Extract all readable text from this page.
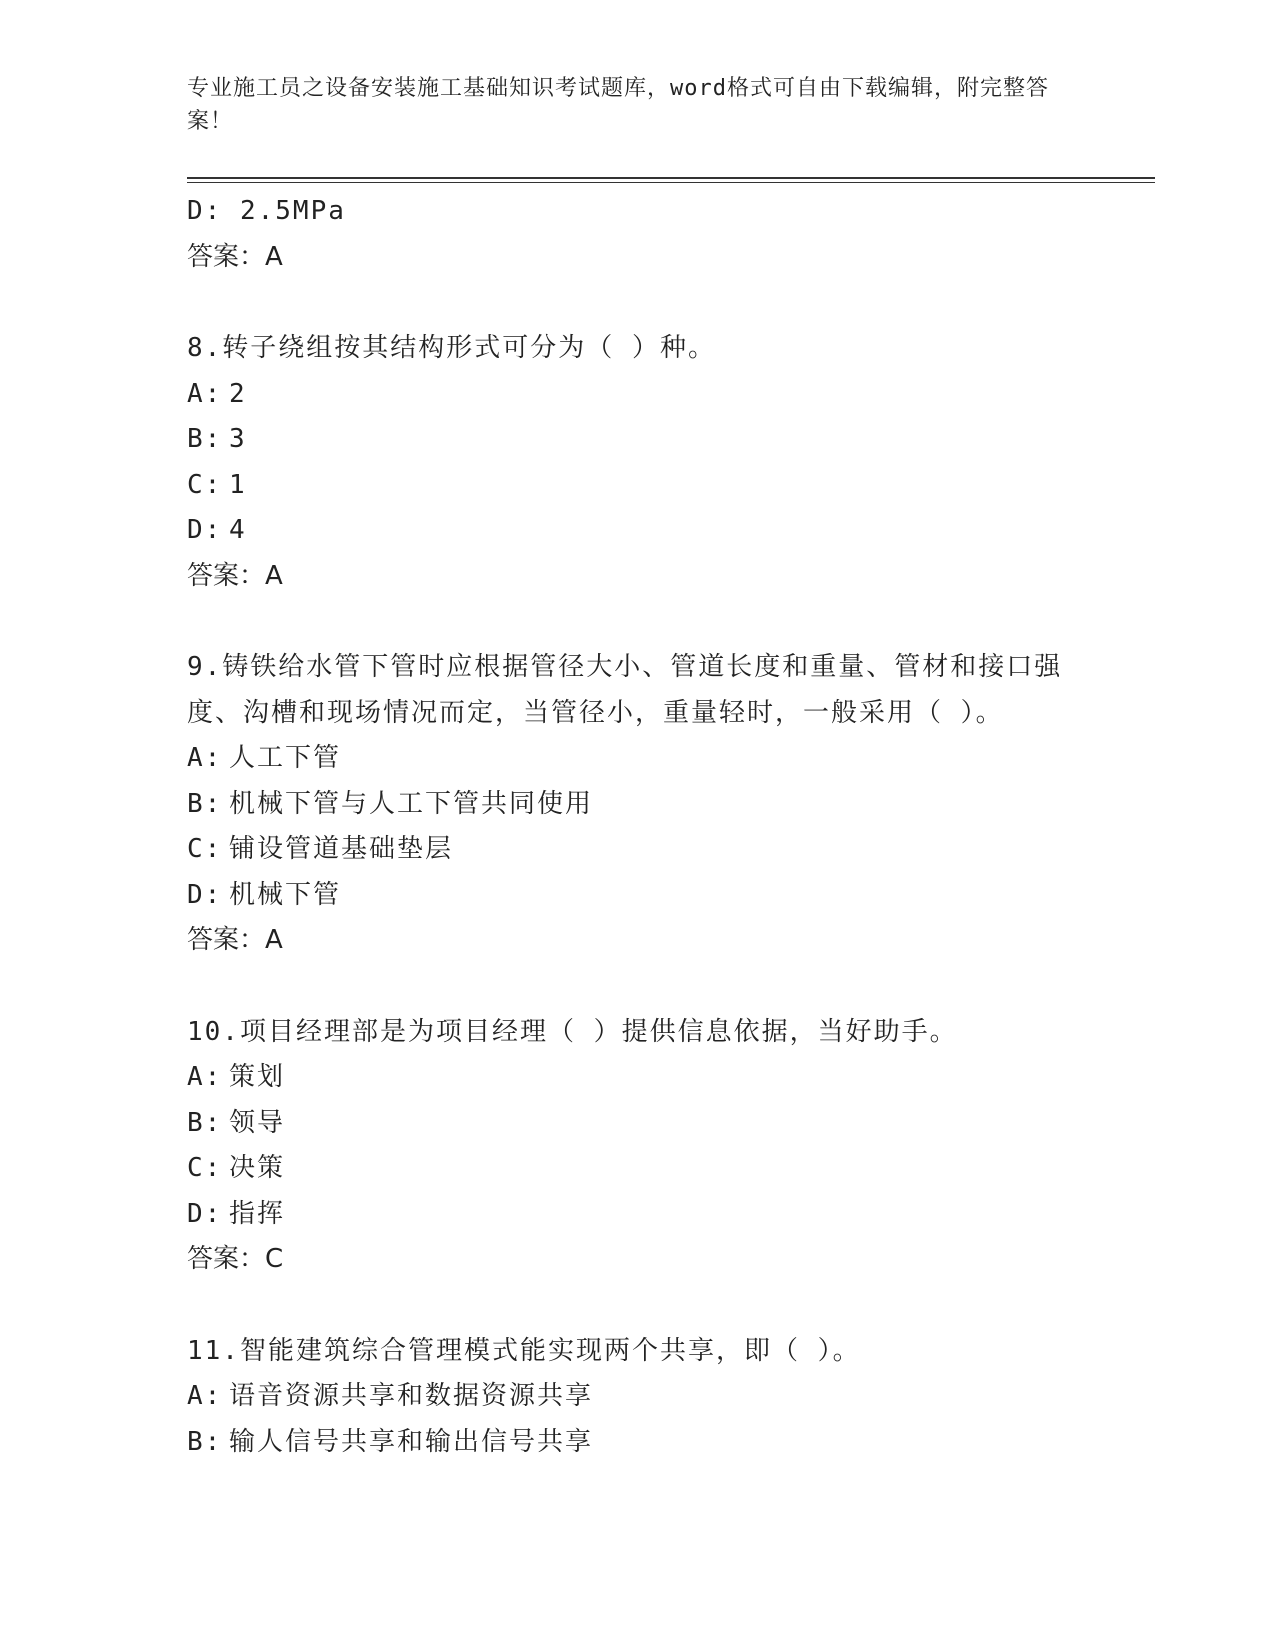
专业施工员之设备安装施工基础知识考试题库，word格式可自由下载编辑，附完整答案！
D: 2.5MPa
答案：A
8.转子绕组按其结构形式可分为（ ）种。
A: 2
B: 3
C: 1
D: 4
答案：A
9.铸铁给水管下管时应根据管径大小、管道长度和重量、管材和接口强度、沟槽和现场情况而定，当管径小，重量轻时，一般采用（ ）。
A: 人工下管
B: 机械下管与人工下管共同使用
C: 铺设管道基础垫层
D: 机械下管
答案：A
10.项目经理部是为项目经理（ ）提供信息依据，当好助手。
A: 策划
B: 领导
C: 决策
D: 指挥
答案：C
11.智能建筑综合管理模式能实现两个共享，即（ ）。
A: 语音资源共享和数据资源共享
B: 输人信号共享和输出信号共享
